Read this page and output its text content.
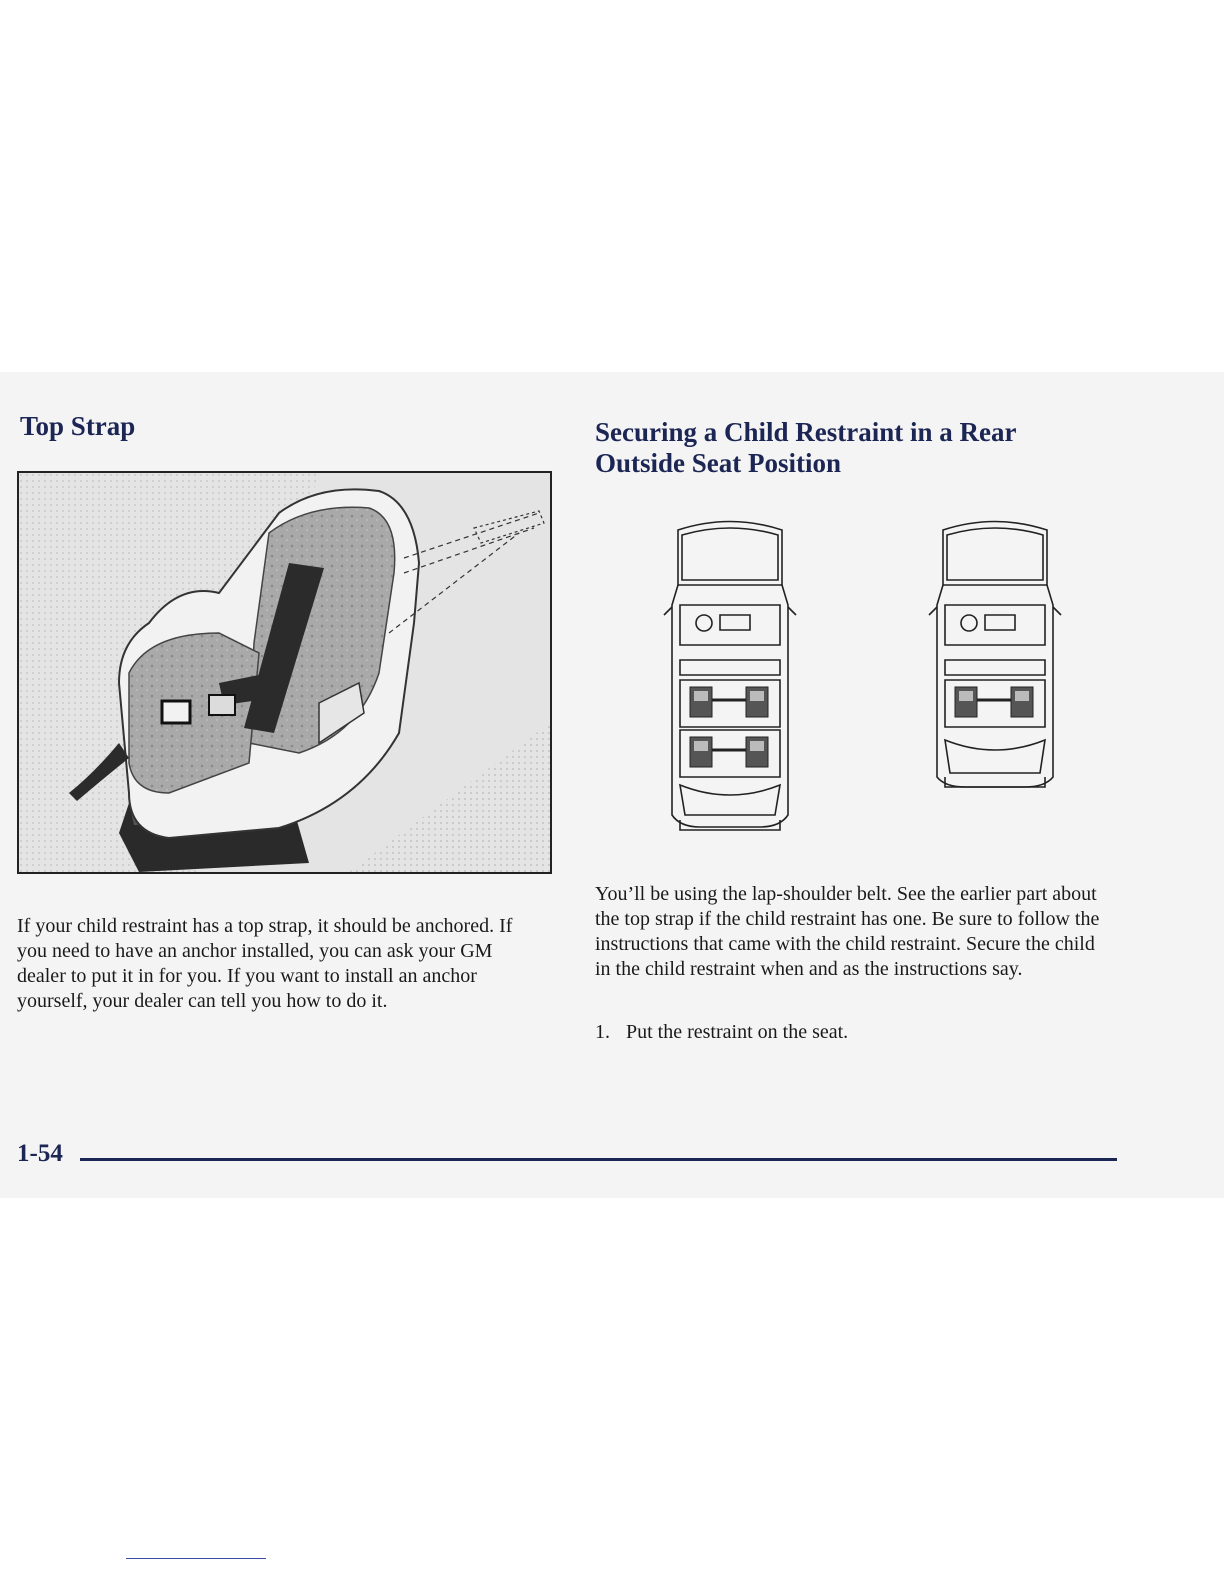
Top Strap

If your child restraint has a top strap, it should be anchored. If you need to have an anchor installed, you can ask your GM dealer to put it in for you. If you want to install an anchor yourself, your dealer can tell you how to do it.

Securing a Child Restraint in a Rear
Outside Seat Position

You’ll be using the lap-shoulder belt. See the earlier part about the top strap if the child restraint has one. Be sure to follow the instructions that came with the child restraint. Secure the child in the child restraint when and as the instructions say.

1. Put the restraint on the seat.

1-54
